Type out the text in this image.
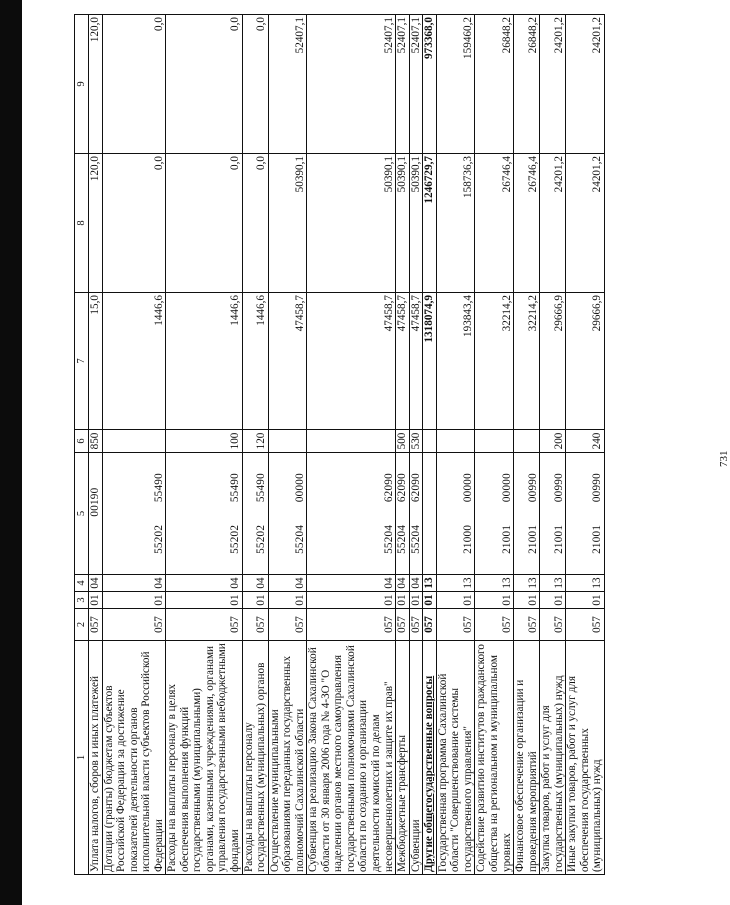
731
1	2	3	4	5	6	7	8	9
Уплата налогов, сборов и иных платежей	057	01	04	  00190	850	15,0	120,0	120,0
Дотации (гранты) бюджетам субъектов Российской Федерации за достижение показателей деятельности органов исполнительной власти субъектов Российской Федерации	057	01	04	55202  55490		1446,6	0,0	0,0
Расходы на выплаты персоналу в целях обеспечения выполнения функций государственными (муниципальными) органами, казенными учреждениями, органами управления государственными внебюджетными фондами	057	01	04	55202  55490	100	1446,6	0,0	0,0
Расходы на выплаты персоналу государственных (муниципальных) органов	057	01	04	55202  55490	120	1446,6	0,0	0,0
Осуществление муниципальными образованиями переданных государственных полномочий Сахалинской области	057	01	04	55204  00000		47458,7	50390,1	52407,1
Субвенция на реализацию Закона Сахалинской области от 30 января 2006 года № 4-ЗО "О наделении органов местного самоуправления государственными полномочиями Сахалинской области по созданию и организации деятельности комиссий по делам несовершеннолетних и защите их прав"	057	01	04	55204  62090		47458,7	50390,1	52407,1
Межбюджетные трансферты	057	01	04	55204  62090	500	47458,7	50390,1	52407,1
Субвенции	057	01	04	55204  62090	530	47458,7	50390,1	52407,1
Другие общегосударственные вопросы	057	01	13	  		1318074,9	1246729,7	973368,0
Государственная программа Сахалинской области "Совершенствование системы государственного управления"	057	01	13	21000  00000		193843,4	158736,3	159460,2
Содействие развитию институтов гражданского общества на региональном и муниципальном уровнях	057	01	13	21001  00000		32214,2	26746,4	26848,2
Финансовое обеспечение организации и проведения мероприятий	057	01	13	21001  00990		32214,2	26746,4	26848,2
Закупка товаров, работ и услуг для государственных (муниципальных) нужд	057	01	13	21001  00990	200	29666,9	24201,2	24201,2
Иные закупки товаров, работ и услуг для обеспечения государственных (муниципальных) нужд	057	01	13	21001  00990	240	29666,9	24201,2	24201,2
